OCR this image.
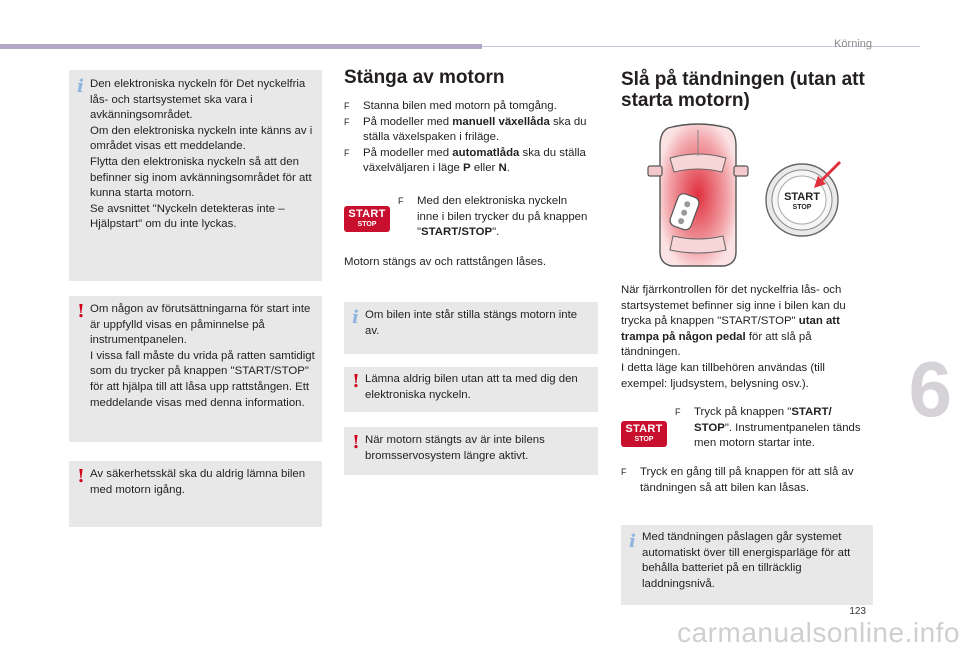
Körning
6
123
carmanualsonline.info
i Den elektroniska nyckeln för Det nyckelfria lås- och startsystemet ska vara i avkänningsområdet.
Om den elektroniska nyckeln inte känns av i området visas ett meddelande.
Flytta den elektroniska nyckeln så att den befinner sig inom avkänningsområdet för att kunna starta motorn.
Se avsnittet "Nyckeln detekteras inte – Hjälpstart" om du inte lyckas.
! Om någon av förutsättningarna för start inte är uppfylld visas en påminnelse på instrumentpanelen.
I vissa fall måste du vrida på ratten samtidigt som du trycker på knappen "START/STOP" för att hjälpa till att låsa upp rattstången. Ett meddelande visas med denna information.
! Av säkerhetsskäl ska du aldrig lämna bilen med motorn igång.
Stänga av motorn
F Stanna bilen med motorn på tomgång.
F På modeller med manuell växellåda ska du ställa växelspaken i friläge.
F På modeller med automatlåda ska du ställa växelväljaren i läge P eller N.
START
STOP
F Med den elektroniska nyckeln inne i bilen trycker du på knappen "START/STOP".
Motorn stängs av och rattstången låses.
i Om bilen inte står stilla stängs motorn inte av.
! Lämna aldrig bilen utan att ta med dig den elektroniska nyckeln.
! När motorn stängts av är inte bilens bromsservosystem längre aktivt.
Slå på tändningen (utan att starta motorn)
START
STOP
När fjärrkontrollen för det nyckelfria lås- och startsystemet befinner sig inne i bilen kan du trycka på knappen "START/STOP" utan att trampa på någon pedal för att slå på tändningen.
I detta läge kan tillbehören användas (till exempel: ljudsystem, belysning osv.).
START
STOP
F Tryck på knappen "START/ STOP". Instrumentpanelen tänds men motorn startar inte.
F Tryck en gång till på knappen för att slå av tändningen så att bilen kan låsas.
i Med tändningen påslagen går systemet automatiskt över till energisparläge för att behålla batteriet på en tillräcklig laddningsnivå.
